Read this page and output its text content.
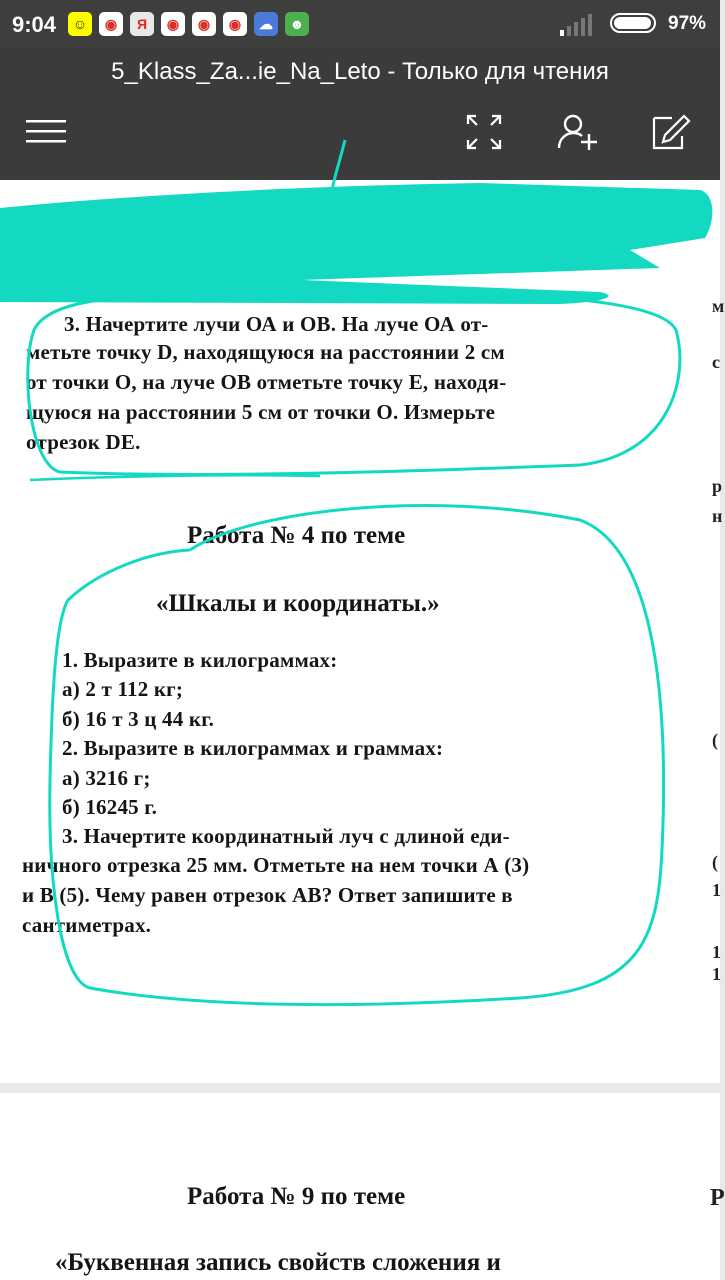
9:04	☺	◉	Я	◉	◉	◉	☁	☻	97%
5_Klass_Za...ie_Na_Leto - Только для чтения
3. Начертите лучи ОА и ОВ. На луче ОА от-
метьте точку D, находящуюся на расстоянии 2 см
от точки О, на луче ОВ отметьте точку Е, находя-
щуюся на расстоянии 5 см от точки О. Измерьте
отрезок DE.
Работа № 4 по теме
«Шкалы и координаты.»
1. Выразите в килограммах:
а) 2 т 112 кг;
б) 16 т 3 ц 44 кг.
2. Выразите в килограммах и граммах:
а) 3216 г;
б) 16245 г.
3. Начертите координатный луч с длиной еди-
ничного отрезка 25 мм. Отметьте на нем точки А (3)
и В (5). Чему равен отрезок АВ? Ответ запишите в
сантиметрах.
м
с
р
н
(
(
1
1
1
Работа № 9 по теме
«Буквенная запись свойств сложения и
Р
